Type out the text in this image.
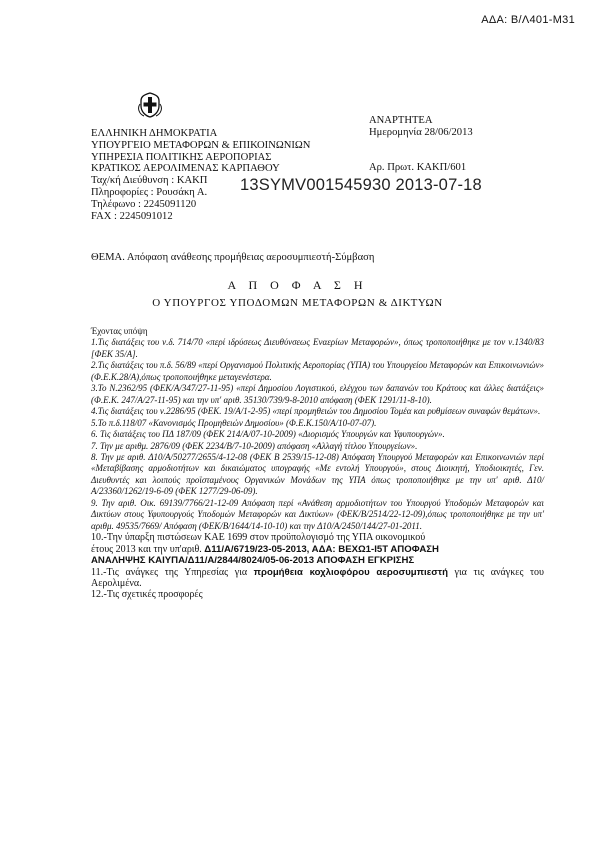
ΑΔΑ: Β/Λ401-Μ31
ΕΛΛΗΝΙΚΗ ΔΗΜΟΚΡΑΤΙΑ
ΥΠΟΥΡΓΕΙΟ ΜΕΤΑΦΟΡΩΝ & ΕΠΙΚΟΙΝΩΝΙΩΝ
ΥΠΗΡΕΣΙΑ ΠΟΛΙΤΙΚΗΣ ΑΕΡΟΠΟΡΙΑΣ
ΚΡΑΤΙΚΟΣ ΑΕΡΟΛΙΜΕΝΑΣ ΚΑΡΠΑΘΟΥ
Ταχ/κή Διεύθυνση : ΚΑΚΠ
Πληροφορίες : Ρουσάκη Α.
Τηλέφωνο : 2245091120
FAX : 2245091012
ΑΝΑΡΤΗΤΕΑ
Ημερομηνία 28/06/2013
Αρ. Πρωτ. ΚΑΚΠ/601
13SYMV001545930 2013-07-18
ΘΕΜΑ. Απόφαση ανάθεσης προμήθειας αεροσυμπιεστή-Σύμβαση
Α Π Ο Φ Α Σ Η
Ο ΥΠΟΥΡΓΟΣ ΥΠΟΔΟΜΩΝ ΜΕΤΑΦΟΡΩΝ & ΔΙΚΤΥΩΝ

Έχοντας υπόψη

1.Τις διατάξεις του ν.δ. 714/70 «περί ιδρύσεως Διευθύνσεως Εναερίων Μεταφορών», όπως τροποποιήθηκε με τον ν.1340/83 [ΦΕΚ 35/Α].

2.Τις διατάξεις του π.δ. 56/89 «περί Οργανισμού Πολιτικής Αεροπορίας (ΥΠΑ) του Υπουργείου Μεταφορών και Επικοινωνιών» (Φ.Ε.Κ.28/Α),όπως τροποποιήθηκε μεταγενέστερα.

3.Το Ν.2362/95 (ΦΕΚ/Α/347/27-11-95) «περί Δημοσίου Λογιστικού, ελέγχου των δαπανών του Κράτους και άλλες διατάξεις» (Φ.Ε.Κ. 247/Α/27-11-95) και την υπ' αριθ. 35130/739/9-8-2010 απόφαση (ΦΕΚ 1291/11-8-10).

4.Τις διατάξεις του ν.2286/95 (ΦΕΚ. 19/Α/1-2-95) «περί προμηθειών του Δημοσίου Τομέα και ρυθμίσεων συναφών θεμάτων».

5.Το π.δ.118/07 «Κανονισμός Προμηθειών Δημοσίου» (Φ.Ε.Κ.150/Α/10-07-07).

6. Τις διατάξεις του ΠΔ 187/09 (ΦΕΚ 214/Α/07-10-2009) «Διορισμός Υπουργών και Υφυπουργών».

7. Την με αριθμ. 2876/09 (ΦΕΚ 2234/Β/7-10-2009) απόφαση «Αλλαγή τίτλου Υπουργείων».

8. Την με αριθ. Δ10/Α/50277/2655/4-12-08 (ΦΕΚ Β 2539/15-12-08) Απόφαση Υπουργού Μεταφορών και Επικοινωνιών περί «Μεταβίβασης αρμοδιοτήτων και δικαιώματος υπογραφής «Με εντολή Υπουργού», στους Διοικητή, Υποδιοικητές, Γεν. Διευθυντές και λοιπούς προϊσταμένους Οργανικών Μονάδων της ΥΠΑ όπως τροποποιήθηκε με την υπ' αριθ. Δ10/Α/23360/1262/19-6-09 (ΦΕΚ 1277/29-06-09).

9. Την αριθ. Οικ. 69139/7766/21-12-09 Απόφαση περί «Ανάθεση αρμοδιοτήτων του Υπουργού Υποδομών Μεταφορών και Δικτύων στους Υφυπουργούς Υποδομών Μεταφορών και Δικτύων» (ΦΕΚ/Β/2514/22-12-09),όπως τροποποιήθηκε με την υπ' αριθμ. 49535/7669/ Απόφαση (ΦΕΚ/Β/1644/14-10-10) και την Δ10/Α/2450/144/27-01-2011.

10.-Την ύπαρξη πιστώσεων ΚΑΕ 1699 στον προϋπολογισμό της ΥΠΑ οικονομικού
έτους 2013 και την υπ'αριθ. Δ11/Α/6719/23-05-2013, ΑΔΑ: ΒΕΧΩ1-Ι5Τ ΑΠΟΦΑΣΗ
ΑΝΑΛΗΨΗΣ ΚΑΙΥΠΑ/Δ11/Α/2844/8024/05-06-2013 ΑΠΟΦΑΣΗ ΕΓΚΡΙΣΗΣ

11.-Τις ανάγκες της Υπηρεσίας για προμήθεια κοχλιοφόρου αεροσυμπιεστή για τις ανάγκες του Αερολιμένα.

12.-Τις σχετικές προσφορές
